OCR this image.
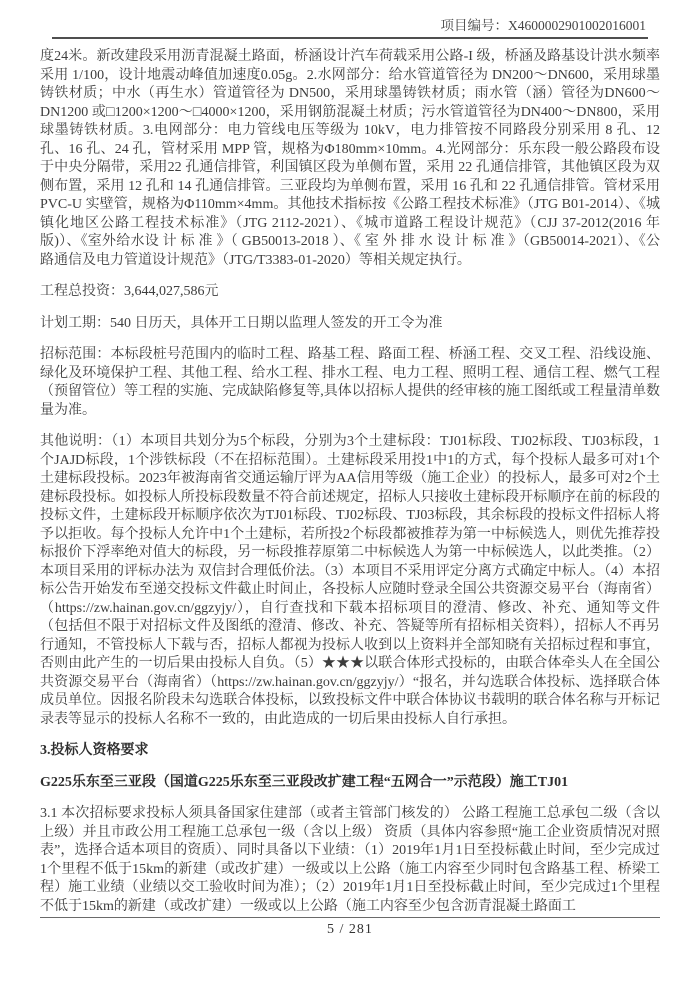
项目编号：X4600002901002016001

度24米。新改建段采用沥青混凝土路面，桥涵设计汽车荷载采用公路-I 级，桥涵及路基设计洪水频率采用 1/100，设计地震动峰值加速度0.05g。2.水网部分：给水管道管径为 DN200～DN600，采用球墨铸铁材质；中水（再生水）管道管径为 DN500，采用球墨铸铁材质；雨水管（涵）管径为DN600～DN1200 或□1200×1200～□4000×1200，采用钢筋混凝土材质；污水管道管径为DN400～DN800，采用球墨铸铁材质。3.电网部分：电力管线电压等级为 10kV，电力排管按不同路段分别采用 8 孔、12 孔、16 孔、24 孔，管材采用 MPP 管，规格为Φ180mm×10mm。4.光网部分：乐东段一般公路段布设于中央分隔带，采用22 孔通信排管，利国镇区段为单侧布置，采用 22 孔通信排管，其他镇区段为双侧布置，采用 12 孔和 14 孔通信排管。三亚段均为单侧布置，采用 16 孔和 22 孔通信排管。管材采用 PVC-U 实壁管，规格为Φ110mm×4mm。其他技术指标按《公路工程技术标准》（JTG B01-2014）、《城镇化地区公路工程技术标准》（JTG 2112-2021）、《城市道路工程设计规范》（CJJ 37-2012(2016 年版)）、《室外给水设 计 标 准 》（ GB50013-2018 ）、《 室 外 排 水 设 计 标 准 》（GB50014-2021）、《公路通信及电力管道设计规范》（JTG/T3383-01-2020）等相关规定执行。

工程总投资：3,644,027,586元

计划工期：540 日历天，具体开工日期以监理人签发的开工令为准

招标范围：本标段桩号范围内的临时工程、路基工程、路面工程、桥涵工程、交叉工程、沿线设施、绿化及环境保护工程、其他工程、给水工程、排水工程、电力工程、照明工程、通信工程、燃气工程（预留管位）等工程的实施、完成缺陷修复等,具体以招标人提供的经审核的施工图纸或工程量清单数量为准。

其他说明：（1）本项目共划分为5个标段，分别为3个土建标段：TJ01标段、TJ02标段、TJ03标段，1个JAJD标段，1个涉铁标段（不在招标范围）。土建标段采用投1中1的方式，每个投标人最多可对1个土建标段投标。2023年被海南省交通运输厅评为AA信用等级（施工企业）的投标人，最多可对2个土建标段投标。如投标人所投标段数量不符合前述规定，招标人只接收土建标段开标顺序在前的标段的投标文件，土建标段开标顺序依次为TJ01标段、TJ02标段、TJ03标段，其余标段的投标文件招标人将予以拒收。每个投标人允许中1个土建标，若所投2个标段都被推荐为第一中标候选人，则优先推荐投标报价下浮率绝对值大的标段，另一标段推荐原第二中标候选人为第一中标候选人，以此类推。（2）本项目采用的评标办法为 双信封合理低价法。（3）本项目不采用评定分离方式确定中标人。（4）本招标公告开始发布至递交投标文件截止时间止，各投标人应随时登录全国公共资源交易平台（海南省）（https://zw.hainan.gov.cn/ggzyjy/），自行查找和下载本招标项目的澄清、修改、补充、通知等文件（包括但不限于对招标文件及图纸的澄清、修改、补充、答疑等所有招标相关资料），招标人不再另行通知，不管投标人下载与否，招标人都视为投标人收到以上资料并全部知晓有关招标过程和事宜，否则由此产生的一切后果由投标人自负。（5）★★★以联合体形式投标的，由联合体牵头人在全国公共资源交易平台（海南省）（https://zw.hainan.gov.cn/ggzyjy/）“报名，并勾选联合体投标、选择联合体成员单位。因报名阶段未勾选联合体投标，以致投标文件中联合体协议书载明的联合体名称与开标记录表等显示的投标人名称不一致的，由此造成的一切后果由投标人自行承担。

3.投标人资格要求

G225乐东至三亚段（国道G225乐东至三亚段改扩建工程“五网合一”示范段）施工TJ01

3.1 本次招标要求投标人须具备国家住建部（或者主管部门核发的） 公路工程施工总承包二级（含以上级）并且市政公用工程施工总承包一级（含以上级） 资质（具体内容参照“施工企业资质情况对照表”，选择合适本项目的资质）、同时具备以下业绩：（1）2019年1月1日至投标截止时间，至少完成过1个里程不低于15km的新建（或改扩建）一级或以上公路（施工内容至少同时包含路基工程、桥梁工程）施工业绩（业绩以交工验收时间为准）；（2）2019年1月1日至投标截止时间，至少完成过1个里程不低于15km的新建（或改扩建）一级或以上公路（施工内容至少包含沥青混凝土路面工

5 / 281
